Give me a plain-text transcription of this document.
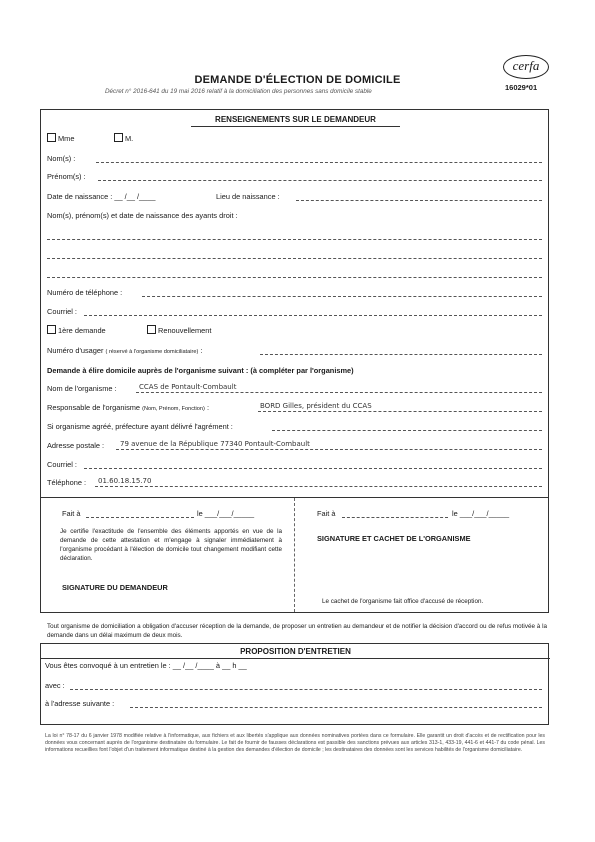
DEMANDE D'ÉLECTION DE DOMICILE
Décret n° 2016-641 du 19 mai 2016 relatif à la domiciliation des personnes sans domicile stable
cerfa
16029*01
RENSEIGNEMENTS SUR LE DEMANDEUR
Mme	M.
Nom(s) :
Prénom(s) :
Date de naissance : __ /__ /____	Lieu de naissance :
Nom(s), prénom(s) et date de naissance des ayants droit :
Numéro de téléphone :
Courriel :
1ère demande	Renouvellement
Numéro d'usager ( réservé à l'organisme domiciliataire) :
Demande à élire domicile auprès de l'organisme suivant : (à compléter par l'organisme)
Nom de l'organisme :	CCAS de Pontault-Combault
Responsable de l'organisme (Nom, Prénom, Fonction) :	BORD Gilles, président du CCAS
Si organisme agréé, préfecture ayant délivré l'agrément :
Adresse postale : 79 avenue de la République 77340 Pontault-Combault
Courriel :
Téléphone : 01.60.18.15.70
Fait à	le ___/___/_____
Je certifie l'exactitude de l'ensemble des éléments apportés en vue de la demande de cette attestation et m'engage à signaler immédiatement à l'organisme procédant à l'élection de domicile tout changement modifiant cette déclaration.
SIGNATURE DU DEMANDEUR
Fait à	le ___/___/_____
SIGNATURE ET CACHET DE L'ORGANISME
Le cachet de l'organisme fait office d'accusé de réception.
Tout organisme de domiciliation a obligation d'accuser réception de la demande, de proposer un entretien au demandeur et de notifier la décision d'accord ou de refus motivée à la demande dans un délai maximum de deux mois.
PROPOSITION D'ENTRETIEN
Vous êtes convoqué à un entretien le : __ /__ /____ à __ h __
avec :
à l'adresse suivante :
La loi n° 78-17 du 6 janvier 1978 modifiée relative à l'informatique, aux fichiers et aux libertés s'applique aux données nominatives portées dans ce formulaire. Elle garantit un droit d'accès et de rectification pour les données vous concernant auprès de l'organisme destinataire du formulaire. Le fait de fournir de fausses déclarations est passible des sanctions prévues aux articles 313-1, 433-19, 441-6 et 441-7 du code pénal. Les informations recueillies font l'objet d'un traitement informatique destiné à la gestion des demandes d'élection de domicile ; les destinataires des données sont les services habilités de l'organisme domiciliataire.
